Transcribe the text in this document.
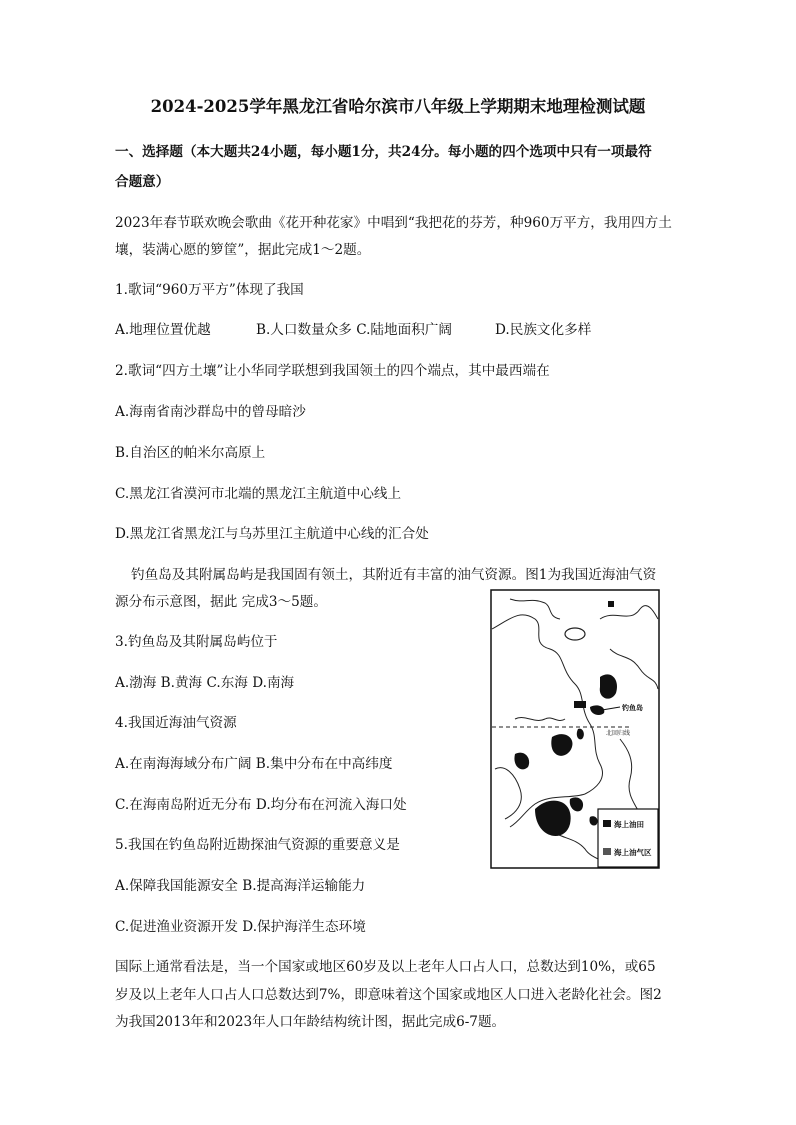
2024-2025学年黑龙江省哈尔滨市八年级上学期期末地理检测试题
一、选择题（本大题共24小题，每小题1分，共24分。每小题的四个选项中只有一项最符
合题意）
2023年春节联欢晚会歌曲《花开种花家》中唱到“我把花的芬芳，种960万平方，我用四方土
壤，装满心愿的箩筐”，据此完成1～2题。
1.歌词“960万平方”体现了我国
A.地理位置优越	B.人口数量众多 C.陆地面积广阔	D.民族文化多样
2.歌词“四方土壤”让小华同学联想到我国领土的四个端点，其中最西端在
A.海南省南沙群岛中的曾母暗沙
B.自治区的帕米尔高原上
C.黑龙江省漠河市北端的黑龙江主航道中心线上
D.黑龙江省黑龙江与乌苏里江主航道中心线的汇合处
钓鱼岛及其附属岛屿是我国固有领土，其附近有丰富的油气资源。图1为我国近海油气资
源分布示意图，据此 完成3～5题。
3.钓鱼岛及其附属岛屿位于
A.渤海 B.黄海 C.东海 D.南海
4.我国近海油气资源
A.在南海海域分布广阔 B.集中分布在中高纬度
C.在海南岛附近无分布 D.均分布在河流入海口处
5.我国在钓鱼岛附近勘探油气资源的重要意义是
A.保障我国能源安全 B.提高海洋运输能力
C.促进渔业资源开发 D.保护海洋生态环境
国际上通常看法是，当一个国家或地区60岁及以上老年人口占人口，总数达到10%，或65
岁及以上老年人口占人口总数达到7%，即意味着这个国家或地区人口进入老龄化社会。图2
为我国2013年和2023年人口年龄结构统计图，据此完成6-7题。
钓鱼岛
北回归线
海上油田
海上油气区
